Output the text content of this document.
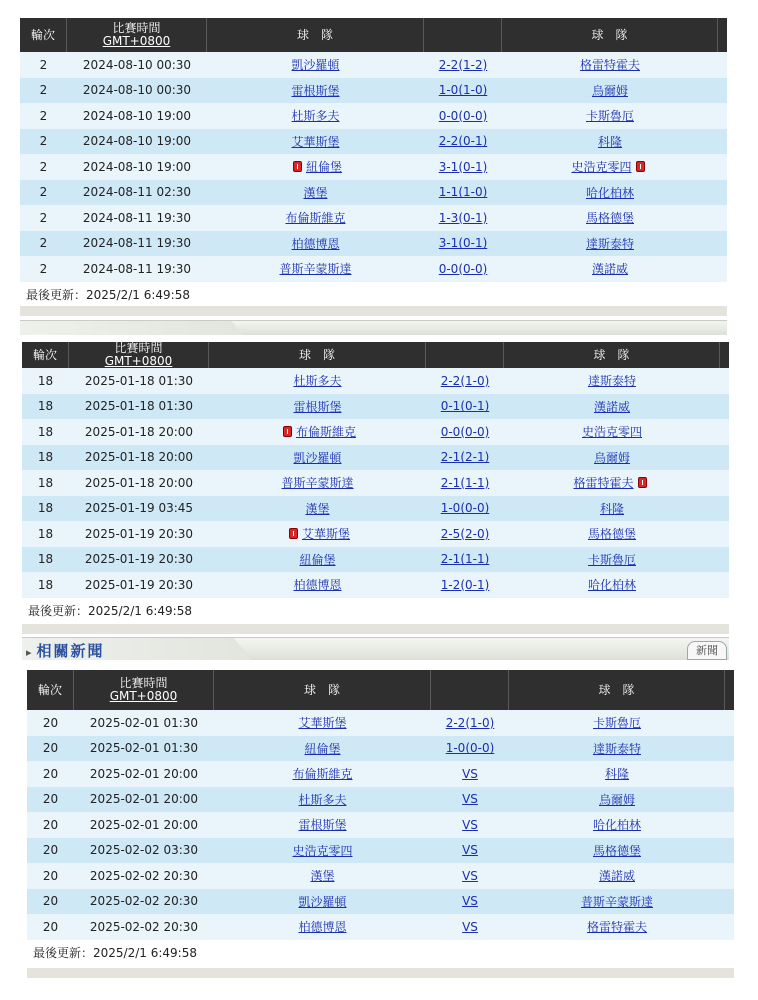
輪次	比賽時間
GMT+0800	球　隊	球　隊
2	2024-08-10 00:30	凱沙羅頓	2-2(1-2)	格雷特霍夫
2	2024-08-10 00:30	雷根斯堡	1-0(1-0)	烏爾姆
2	2024-08-10 19:00	杜斯多夫	0-0(0-0)	卡斯魯厄
2	2024-08-10 19:00	艾華斯堡	2-2(0-1)	科隆
2	2024-08-10 19:00	紐倫堡	3-1(0-1)	史浩克零四
2	2024-08-11 02:30	漢堡	1-1(1-0)	哈化柏林
2	2024-08-11 19:30	布倫斯維克	1-3(0-1)	馬格德堡
2	2024-08-11 19:30	柏德博恩	3-1(0-1)	達斯泰特
2	2024-08-11 19:30	普斯辛蒙斯達	0-0(0-0)	漢諾威
最後更新：2025/2/1 6:49:58
輪次	比賽時間
GMT+0800	球　隊	球　隊
18	2025-01-18 01:30	杜斯多夫	2-2(1-0)	達斯泰特
18	2025-01-18 01:30	雷根斯堡	0-1(0-1)	漢諾威
18	2025-01-18 20:00	布倫斯維克	0-0(0-0)	史浩克零四
18	2025-01-18 20:00	凱沙羅頓	2-1(2-1)	烏爾姆
18	2025-01-18 20:00	普斯辛蒙斯達	2-1(1-1)	格雷特霍夫
18	2025-01-19 03:45	漢堡	1-0(0-0)	科隆
18	2025-01-19 20:30	艾華斯堡	2-5(2-0)	馬格德堡
18	2025-01-19 20:30	紐倫堡	2-1(1-1)	卡斯魯厄
18	2025-01-19 20:30	柏德博恩	1-2(0-1)	哈化柏林
最後更新：2025/2/1 6:49:58
▸ 相關新聞	新聞
輪次	比賽時間
GMT+0800	球　隊	球　隊
20	2025-02-01 01:30	艾華斯堡	2-2(1-0)	卡斯魯厄
20	2025-02-01 01:30	紐倫堡	1-0(0-0)	達斯泰特
20	2025-02-01 20:00	布倫斯維克	VS	科隆
20	2025-02-01 20:00	杜斯多夫	VS	烏爾姆
20	2025-02-01 20:00	雷根斯堡	VS	哈化柏林
20	2025-02-02 03:30	史浩克零四	VS	馬格德堡
20	2025-02-02 20:30	漢堡	VS	漢諾威
20	2025-02-02 20:30	凱沙羅頓	VS	普斯辛蒙斯達
20	2025-02-02 20:30	柏德博恩	VS	格雷特霍夫
最後更新：2025/2/1 6:49:58
